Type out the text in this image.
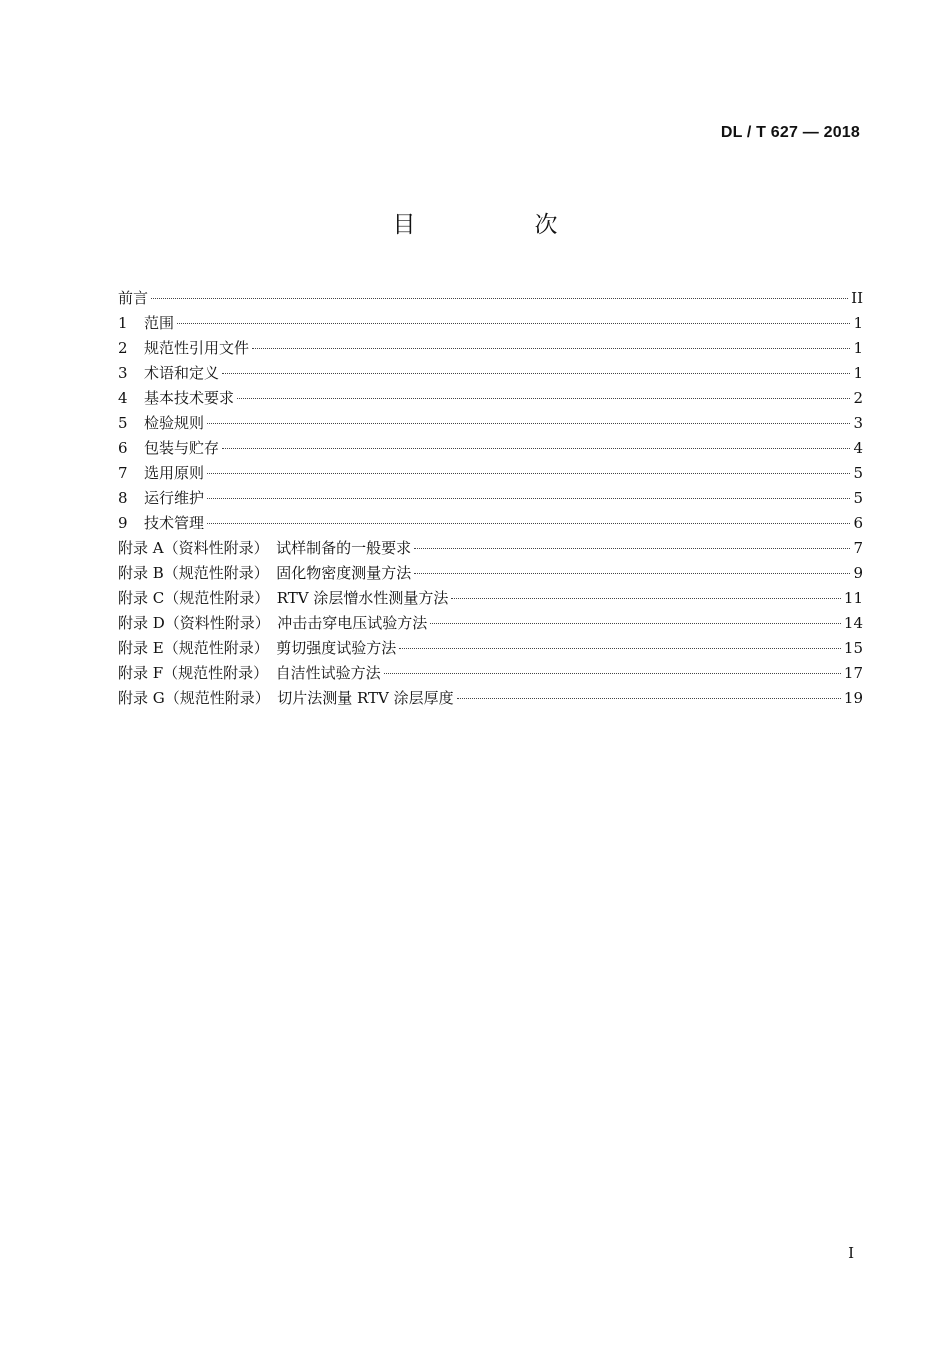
DL / T 627 — 2018
目　次
前言	II
1	范围	1
2	规范性引用文件	1
3	术语和定义	1
4	基本技术要求	2
5	检验规则	3
6	包装与贮存	4
7	选用原则	5
8	运行维护	5
9	技术管理	6
附录 A（资料性附录）　试样制备的一般要求	7
附录 B（规范性附录）　固化物密度测量方法	9
附录 C（规范性附录）　RTV 涂层憎水性测量方法	11
附录 D（资料性附录）　冲击击穿电压试验方法	14
附录 E（规范性附录）　剪切强度试验方法	15
附录 F（规范性附录）　自洁性试验方法	17
附录 G（规范性附录）　切片法测量 RTV 涂层厚度	19
I
